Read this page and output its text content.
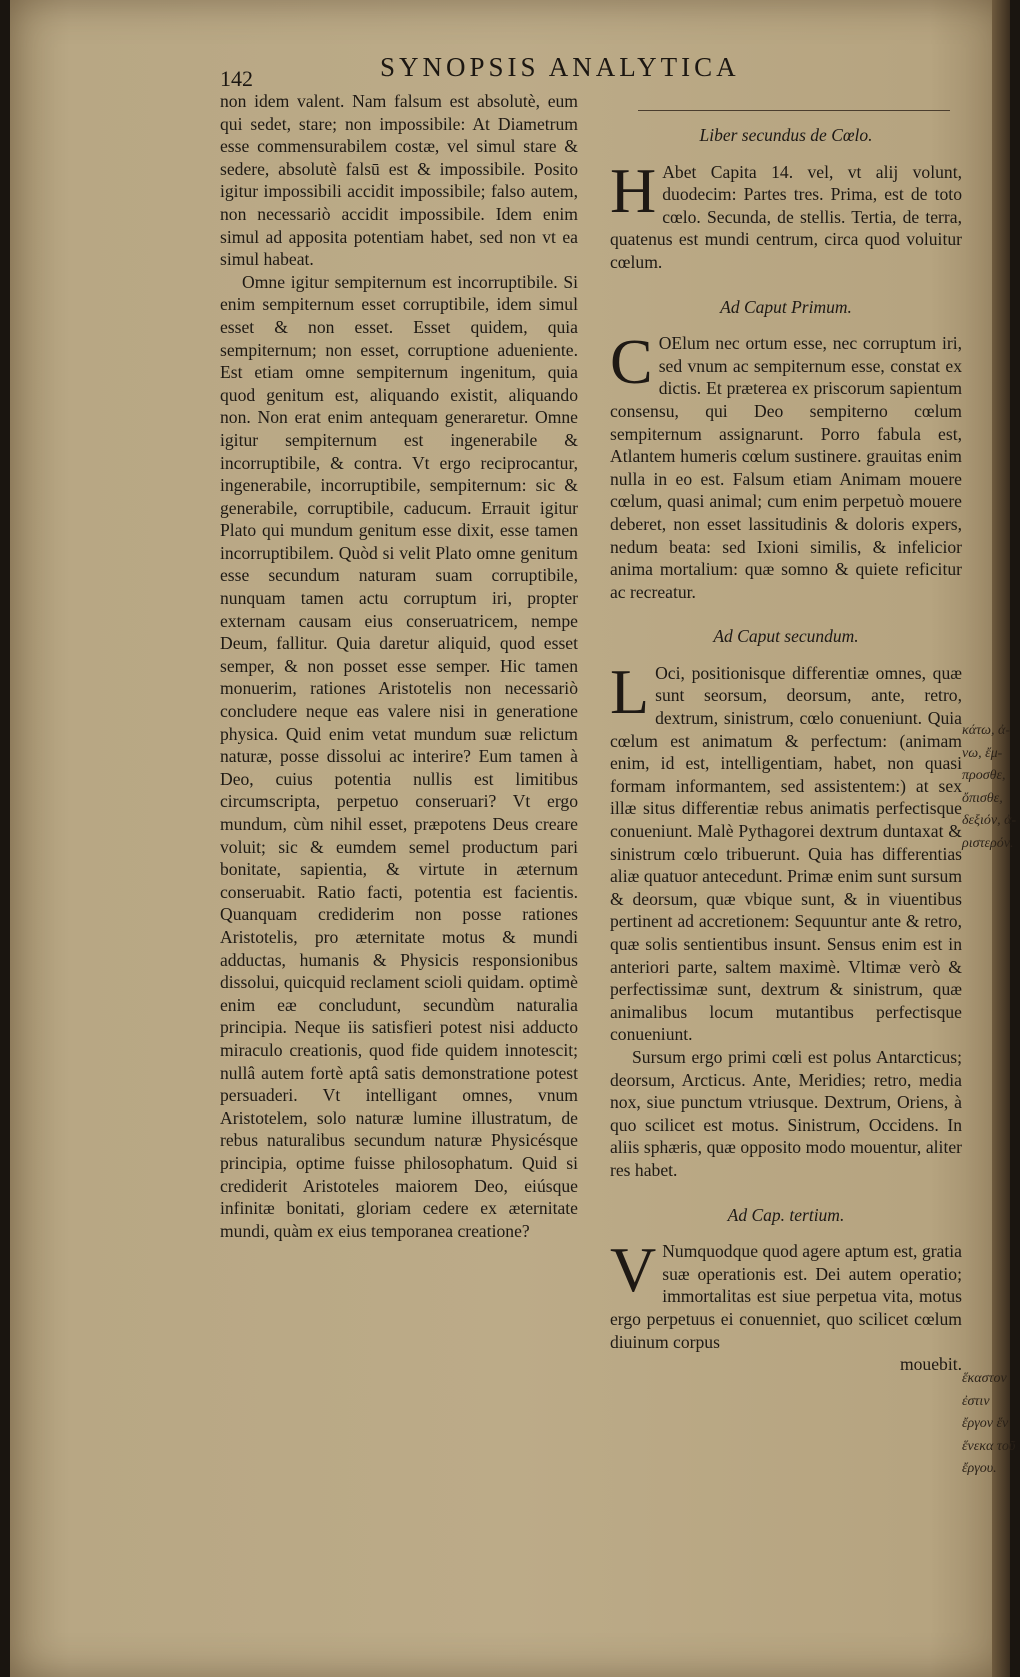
142	SYNOPSIS ANALYTICA

non idem valent. Nam falsum est absolutè, eum qui sedet, stare; non impossibile: At Diametrum esse commensurabilem costæ, vel simul stare & sedere, absolutè falsū est & impossibile. Posito igitur impossibili accidit impossibile; falso autem, non necessariò accidit impossibile. Idem enim simul ad apposita potentiam habet, sed non vt ea simul habeat.

Omne igitur sempiternum est incorruptibile. Si enim sempiternum esset corruptibile, idem simul esset & non esset. Esset quidem, quia sempiternum; non esset, corruptione adueniente. Est etiam omne sempiternum ingenitum, quia quod genitum est, aliquando existit, aliquando non. Non erat enim antequam generaretur. Omne igitur sempiternum est ingenerabile & incorruptibile, & contra. Vt ergo reciprocantur, ingenerabile, incorruptibile, sempiternum: sic & generabile, corruptibile, caducum. Errauit igitur Plato qui mundum genitum esse dixit, esse tamen incorruptibilem. Quòd si velit Plato omne genitum esse secundum naturam suam corruptibile, nunquam tamen actu corruptum iri, propter externam causam eius conseruatricem, nempe Deum, fallitur. Quia daretur aliquid, quod esset semper, & non posset esse semper. Hic tamen monuerim, rationes Aristotelis non necessariò concludere neque eas valere nisi in generatione physica. Quid enim vetat mundum suæ relictum naturæ, posse dissolui ac interire? Eum tamen à Deo, cuius potentia nullis est limitibus circumscripta, perpetuo conseruari? Vt ergo mundum, cùm nihil esset, præpotens Deus creare voluit; sic & eumdem semel productum pari bonitate, sapientia, & virtute in æternum conseruabit. Ratio facti, potentia est facientis. Quanquam crediderim non posse rationes Aristotelis, pro æternitate motus & mundi adductas, humanis & Physicis responsionibus dissolui, quicquid reclament scioli quidam. optimè enim eæ concludunt, secundùm naturalia principia. Neque iis satisfieri potest nisi adducto miraculo creationis, quod fide quidem innotescit; nullâ autem fortè aptâ satis demonstratione potest persuaderi. Vt intelligant omnes, vnum Aristotelem, solo naturæ lumine illustratum, de rebus naturalibus secundum naturæ Physicésque principia, optime fuisse philosophatum. Quid si crediderit Aristoteles maiorem Deo, eiúsque infinitæ bonitati, gloriam cedere ex æternitate mundi, quàm ex eius temporanea creatione?

Liber secundus de Cœlo.

H Abet Capita 14. vel, vt alij volunt, duodecim: Partes tres. Prima, est de toto cœlo. Secunda, de stellis. Tertia, de terra, quatenus est mundi centrum, circa quod voluitur cœlum.

Ad Caput Primum.

C OElum nec ortum esse, nec corruptum iri, sed vnum ac sempiternum esse, constat ex dictis. Et præterea ex priscorum sapientum consensu, qui Deo sempiterno cœlum sempiternum assignarunt. Porro fabula est, Atlantem humeris cœlum sustinere. grauitas enim nulla in eo est. Falsum etiam Animam mouere cœlum, quasi animal; cum enim perpetuò mouere deberet, non esset lassitudinis & doloris expers, nedum beata: sed Ixioni similis, & infelicior anima mortalium: quæ somno & quiete reficitur ac recreatur.

Ad Caput secundum.

L Oci, positionisque differentiæ omnes, quæ sunt seorsum, deorsum, ante, retro, dextrum, sinistrum, cœlo conueniunt. Quia cœlum est animatum & perfectum: (animam enim, id est, intelligentiam, habet, non quasi formam informantem, sed assistentem:) at sex illæ situs differentiæ rebus animatis perfectisque conueniunt. Malè Pythagorei dextrum duntaxat & sinistrum cœlo tribuerunt. Quia has differentias aliæ quatuor antecedunt. Primæ enim sunt sursum & deorsum, quæ vbique sunt, & in viuentibus pertinent ad accretionem: Sequuntur ante & retro, quæ solis sentientibus insunt. Sensus enim est in anteriori parte, saltem maximè. Vltimæ verò & perfectissimæ sunt, dextrum & sinistrum, quæ animalibus locum mutantibus perfectisque conueniunt.

Sursum ergo primi cœli est polus Antarcticus; deorsum, Arcticus. Ante, Meridies; retro, media nox, siue punctum vtriusque. Dextrum, Oriens, à quo scilicet est motus. Sinistrum, Occidens. In aliis sphæris, quæ opposito modo mouentur, aliter res habet.

Ad Cap. tertium.

V Numquodque quod agere aptum est, gratia suæ operationis est. Dei autem operatio; immortalitas est siue perpetua vita, motus ergo perpetuus ei conuenniet, quo scilicet cœlum diuinum corpus

mouebit.

κάτω, ἀ-
νω, ἔμ-
προσθε,
ὄπισθε,
δεξιόν, ἀ-
ριστερόν.
ἕκαστον
ἐστιν
ἔργον ἕν
ἕνεκα τοῦ
ἔργου.
